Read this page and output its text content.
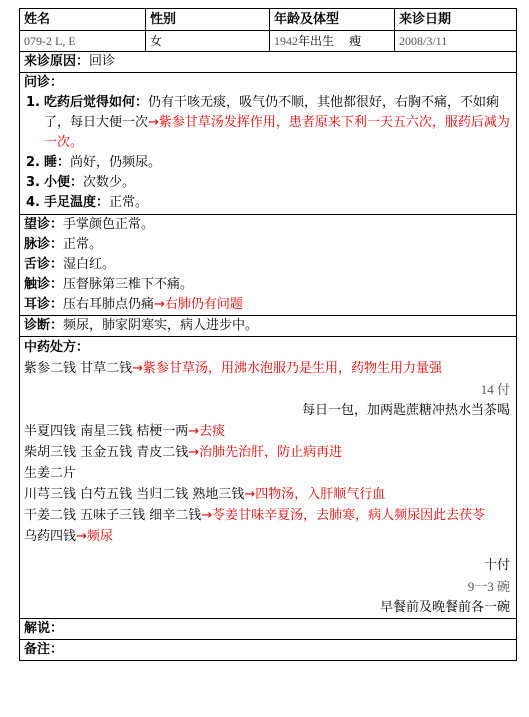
姓名	性别	年龄及体型	来诊日期
079-2 L, E	女	1942年出生 瘦	2008/3/11
来诊原因：回诊
问诊：
1. 吃药后觉得如何：仍有干咳无痰，吸气仍不顺，其他都很好，右胸不痛，不如痢了，每日大便一次→紫参甘草汤发挥作用，患者原来下利一天五六次，服药后减为一次。
2. 睡：尚好，仍频尿。
3. 小便：次数少。
4. 手足温度：正常。
望诊：手掌颜色正常。
脉诊：正常。
舌诊：湿白红。
触诊：压督脉第三椎下不痛。
耳诊：压右耳肺点仍痛→右肺仍有问题
诊断：频尿，肺家阴寒实，病人进步中。
中药处方：
紫参二钱 甘草二钱→紫参甘草汤，用沸水泡服乃是生用，药物生用力量强
14 付
每日一包，加两匙蔗糖冲热水当茶喝
半夏四钱 南星三钱 桔梗一两→去痰
柴胡三钱 玉金五钱 青皮二钱→治肺先治肝，防止病再进
生姜二片
川芎三钱 白芍五钱 当归二钱 熟地三钱→四物汤，入肝顺气行血
干姜二钱 五味子三钱 细辛二钱→苓姜甘味辛夏汤，去肺寒，病人频尿因此去茯苓
乌药四钱→频尿
十付
9一3 碗
早餐前及晚餐前各一碗
解说：
备注：
